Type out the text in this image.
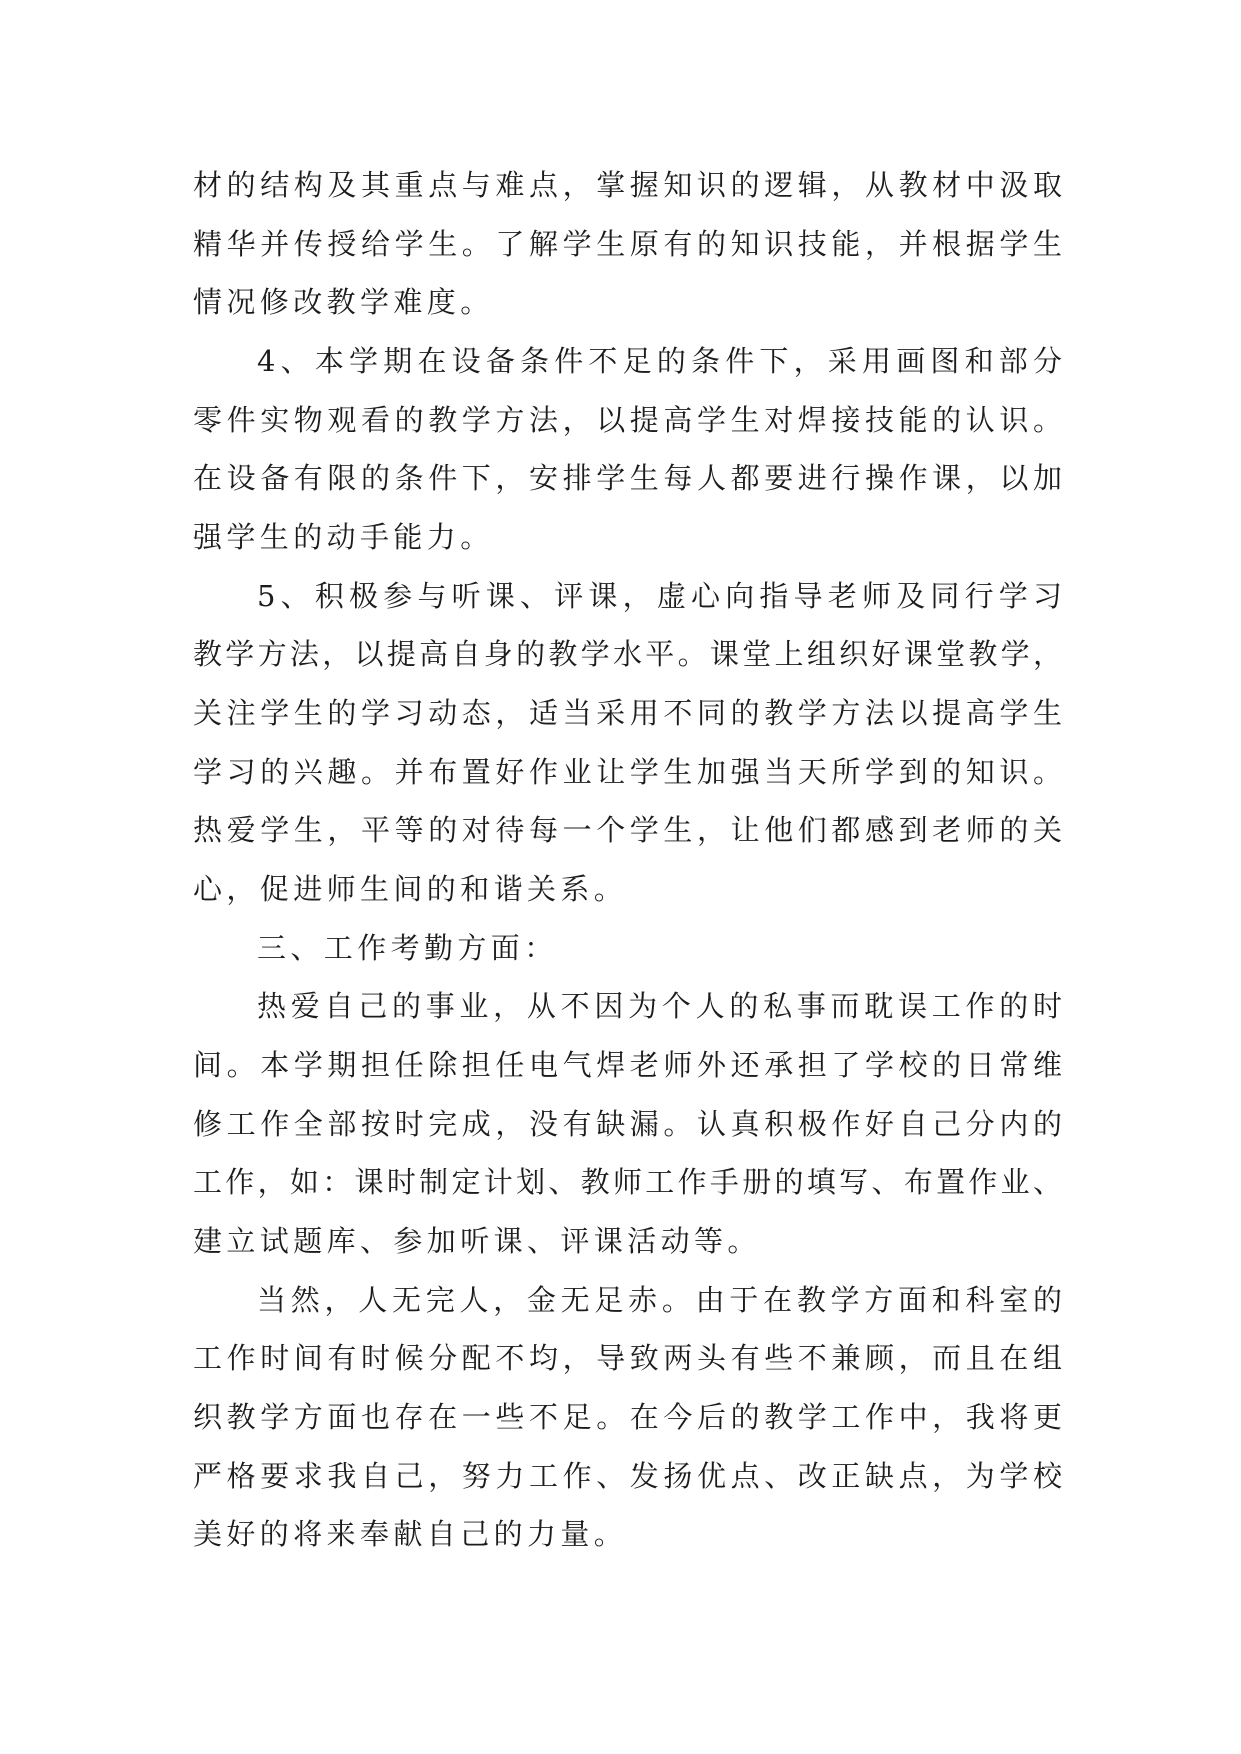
材的结构及其重点与难点，掌握知识的逻辑，从教材中汲取
精华并传授给学生。了解学生原有的知识技能，并根据学生
情况修改教学难度。
4、本学期在设备条件不足的条件下，采用画图和部分
零件实物观看的教学方法，以提高学生对焊接技能的认识。
在设备有限的条件下，安排学生每人都要进行操作课，以加
强学生的动手能力。
5、积极参与听课、评课，虚心向指导老师及同行学习
教学方法，以提高自身的教学水平。课堂上组织好课堂教学，
关注学生的学习动态，适当采用不同的教学方法以提高学生
学习的兴趣。并布置好作业让学生加强当天所学到的知识。
热爱学生，平等的对待每一个学生，让他们都感到老师的关
心，促进师生间的和谐关系。
三、工作考勤方面：
热爱自己的事业，从不因为个人的私事而耽误工作的时
间。本学期担任除担任电气焊老师外还承担了学校的日常维
修工作全部按时完成，没有缺漏。认真积极作好自己分内的
工作，如：课时制定计划、教师工作手册的填写、布置作业、
建立试题库、参加听课、评课活动等。
当然，人无完人，金无足赤。由于在教学方面和科室的
工作时间有时候分配不均，导致两头有些不兼顾，而且在组
织教学方面也存在一些不足。在今后的教学工作中，我将更
严格要求我自己，努力工作、发扬优点、改正缺点，为学校
美好的将来奉献自己的力量。
